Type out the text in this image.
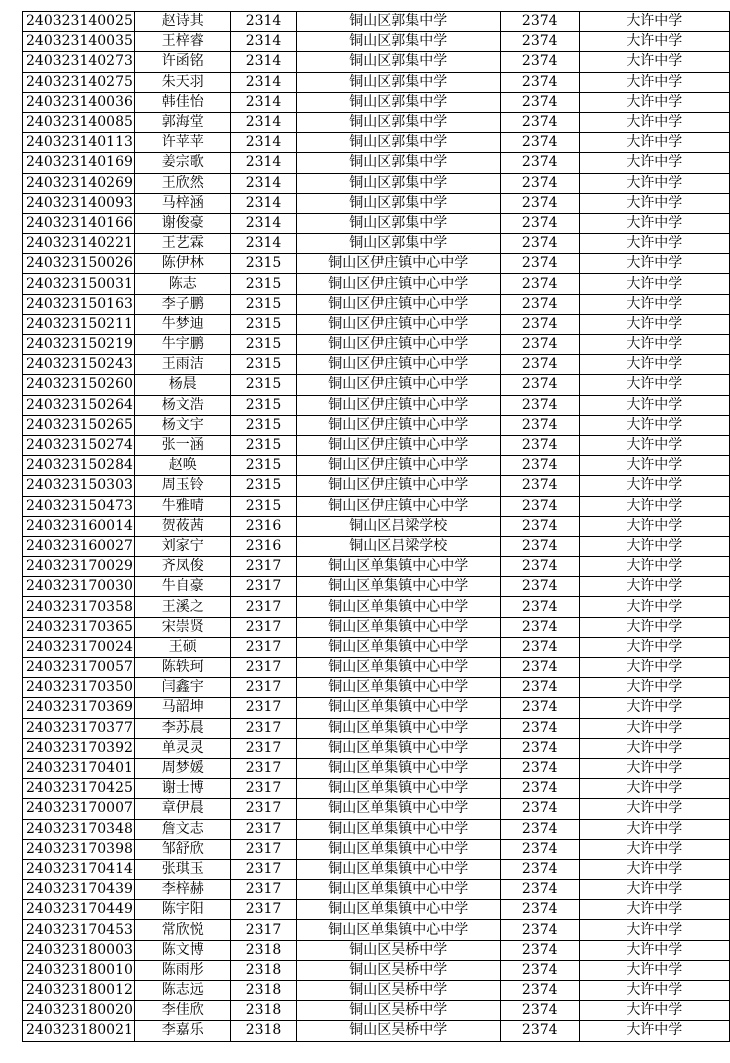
240323140025	赵诗其	2314	铜山区郭集中学	2374	大许中学
240323140035	王梓睿	2314	铜山区郭集中学	2374	大许中学
240323140273	许函铭	2314	铜山区郭集中学	2374	大许中学
240323140275	朱天羽	2314	铜山区郭集中学	2374	大许中学
240323140036	韩佳怡	2314	铜山区郭集中学	2374	大许中学
240323140085	郭海堂	2314	铜山区郭集中学	2374	大许中学
240323140113	许苹苹	2314	铜山区郭集中学	2374	大许中学
240323140169	姜宗歌	2314	铜山区郭集中学	2374	大许中学
240323140269	王欣然	2314	铜山区郭集中学	2374	大许中学
240323140093	马梓涵	2314	铜山区郭集中学	2374	大许中学
240323140166	谢俊豪	2314	铜山区郭集中学	2374	大许中学
240323140221	王艺霖	2314	铜山区郭集中学	2374	大许中学
240323150026	陈伊林	2315	铜山区伊庄镇中心中学	2374	大许中学
240323150031	陈志	2315	铜山区伊庄镇中心中学	2374	大许中学
240323150163	李子鹏	2315	铜山区伊庄镇中心中学	2374	大许中学
240323150211	牛梦迪	2315	铜山区伊庄镇中心中学	2374	大许中学
240323150219	牛宇鹏	2315	铜山区伊庄镇中心中学	2374	大许中学
240323150243	王雨洁	2315	铜山区伊庄镇中心中学	2374	大许中学
240323150260	杨晨	2315	铜山区伊庄镇中心中学	2374	大许中学
240323150264	杨文浩	2315	铜山区伊庄镇中心中学	2374	大许中学
240323150265	杨文宇	2315	铜山区伊庄镇中心中学	2374	大许中学
240323150274	张一涵	2315	铜山区伊庄镇中心中学	2374	大许中学
240323150284	赵唤	2315	铜山区伊庄镇中心中学	2374	大许中学
240323150303	周玉铃	2315	铜山区伊庄镇中心中学	2374	大许中学
240323150473	牛雅晴	2315	铜山区伊庄镇中心中学	2374	大许中学
240323160014	贺莜茜	2316	铜山区吕梁学校	2374	大许中学
240323160027	刘家宁	2316	铜山区吕梁学校	2374	大许中学
240323170029	齐凤俊	2317	铜山区单集镇中心中学	2374	大许中学
240323170030	牛自豪	2317	铜山区单集镇中心中学	2374	大许中学
240323170358	王溪之	2317	铜山区单集镇中心中学	2374	大许中学
240323170365	宋崇贤	2317	铜山区单集镇中心中学	2374	大许中学
240323170024	王硕	2317	铜山区单集镇中心中学	2374	大许中学
240323170057	陈轶珂	2317	铜山区单集镇中心中学	2374	大许中学
240323170350	闫鑫宇	2317	铜山区单集镇中心中学	2374	大许中学
240323170369	马韶坤	2317	铜山区单集镇中心中学	2374	大许中学
240323170377	李苏晨	2317	铜山区单集镇中心中学	2374	大许中学
240323170392	单灵灵	2317	铜山区单集镇中心中学	2374	大许中学
240323170401	周梦媛	2317	铜山区单集镇中心中学	2374	大许中学
240323170425	谢士博	2317	铜山区单集镇中心中学	2374	大许中学
240323170007	章伊晨	2317	铜山区单集镇中心中学	2374	大许中学
240323170348	詹文志	2317	铜山区单集镇中心中学	2374	大许中学
240323170398	邹舒欣	2317	铜山区单集镇中心中学	2374	大许中学
240323170414	张琪玉	2317	铜山区单集镇中心中学	2374	大许中学
240323170439	李梓赫	2317	铜山区单集镇中心中学	2374	大许中学
240323170449	陈宇阳	2317	铜山区单集镇中心中学	2374	大许中学
240323170453	常欣悦	2317	铜山区单集镇中心中学	2374	大许中学
240323180003	陈文博	2318	铜山区吴桥中学	2374	大许中学
240323180010	陈雨彤	2318	铜山区吴桥中学	2374	大许中学
240323180012	陈志远	2318	铜山区吴桥中学	2374	大许中学
240323180020	李佳欣	2318	铜山区吴桥中学	2374	大许中学
240323180021	李嘉乐	2318	铜山区吴桥中学	2374	大许中学
